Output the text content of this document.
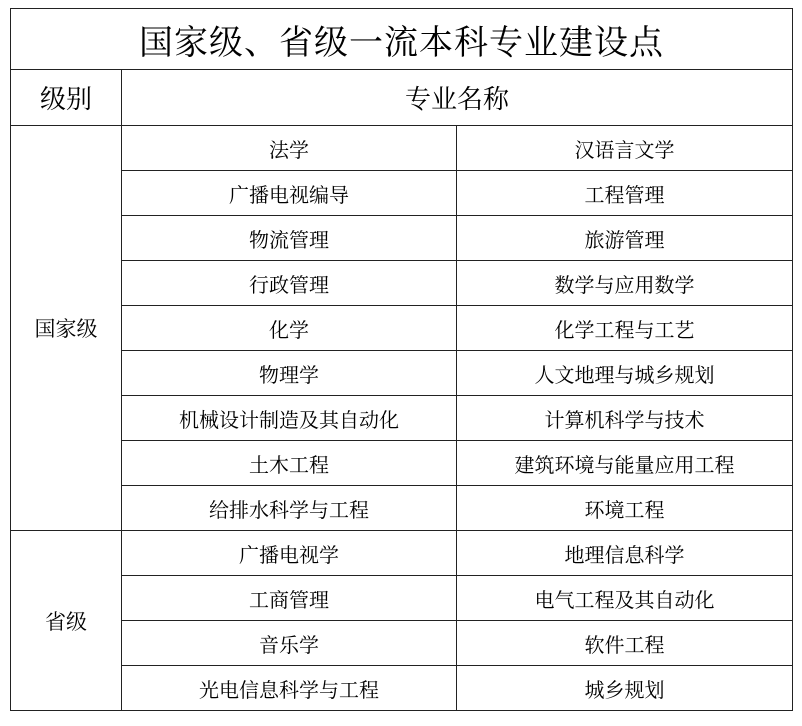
国家级、省级一流本科专业建设点		
级别	专业名称	
国家级	法学	汉语言文学
	广播电视编导	工程管理
	物流管理	旅游管理
	行政管理	数学与应用数学
	化学	化学工程与工艺
	物理学	人文地理与城乡规划
	机械设计制造及其自动化	计算机科学与技术
	土木工程	建筑环境与能量应用工程
	给排水科学与工程	环境工程
省级	广播电视学	地理信息科学
	工商管理	电气工程及其自动化
	音乐学	软件工程
	光电信息科学与工程	城乡规划
